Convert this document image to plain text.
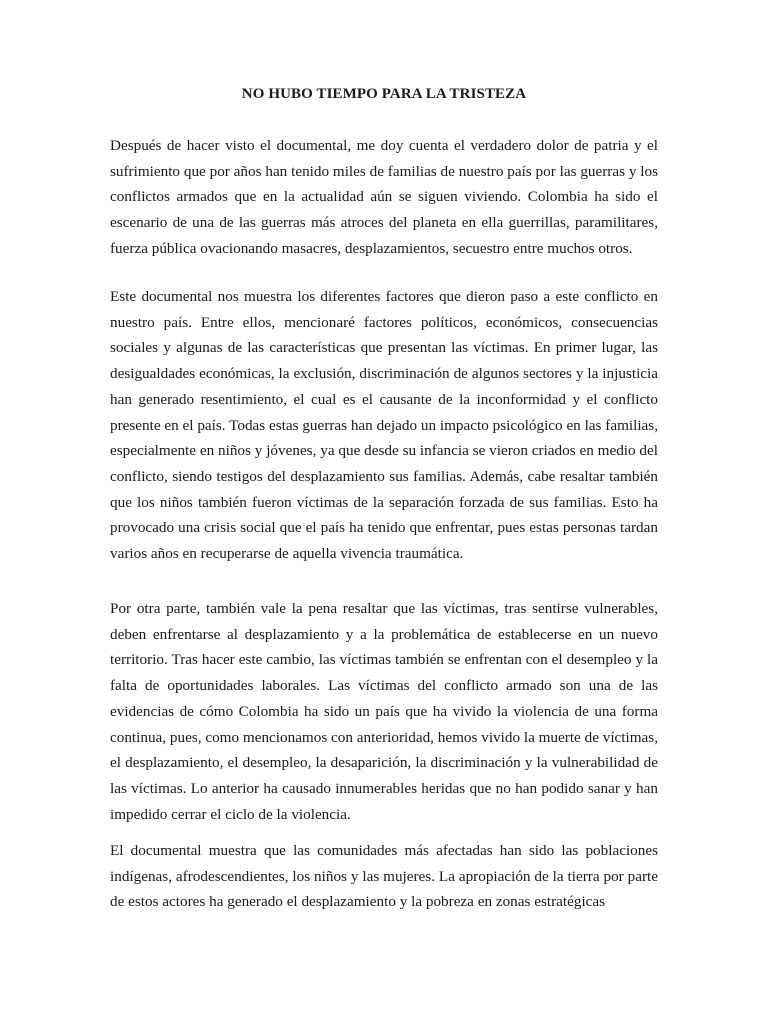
NO HUBO TIEMPO PARA LA TRISTEZA

Después de hacer visto el documental, me doy cuenta el verdadero dolor de patria y el sufrimiento que por años han tenido miles de familias de nuestro país por las guerras y los conflictos armados que en la actualidad aún se siguen viviendo. Colombia ha sido el escenario de una de las guerras más atroces del planeta en ella guerrillas, paramilitares, fuerza pública ovacionando masacres, desplazamientos, secuestro entre muchos otros.

Este documental nos muestra los diferentes factores que dieron paso a este conflicto en nuestro país. Entre ellos, mencionaré factores políticos, económicos, consecuencias sociales y algunas de las características que presentan las víctimas. En primer lugar, las desigualdades económicas, la exclusión, discriminación de algunos sectores y la injusticia han generado resentimiento, el cual es el causante de la inconformidad y el conflicto presente en el país. Todas estas guerras han dejado un impacto psicológico en las familias, especialmente en niños y jóvenes, ya que desde su infancia se vieron criados en medio del conflicto, siendo testigos del desplazamiento sus familias. Además, cabe resaltar también que los niños también fueron víctimas de la separación forzada de sus familias. Esto ha provocado una crisis social que el país ha tenido que enfrentar, pues estas personas tardan varios años en recuperarse de aquella vivencia traumática.

Por otra parte, también vale la pena resaltar que las víctimas, tras sentirse vulnerables, deben enfrentarse al desplazamiento y a la problemática de establecerse en un nuevo territorio. Tras hacer este cambio, las víctimas también se enfrentan con el desempleo y la falta de oportunidades laborales. Las víctimas del conflicto armado son una de las evidencias de cómo Colombia ha sido un país que ha vivido la violencia de una forma continua, pues, como mencionamos con anterioridad, hemos vivido la muerte de víctimas, el desplazamiento, el desempleo, la desaparición, la discriminación y la vulnerabilidad de las víctimas. Lo anterior ha causado innumerables heridas que no han podido sanar y han impedido cerrar el ciclo de la violencia.

El documental muestra que las comunidades más afectadas han sido las poblaciones indígenas, afrodescendientes, los niños y las mujeres. La apropiación de la tierra por parte de estos actores ha generado el desplazamiento y la pobreza en zonas estratégicas
